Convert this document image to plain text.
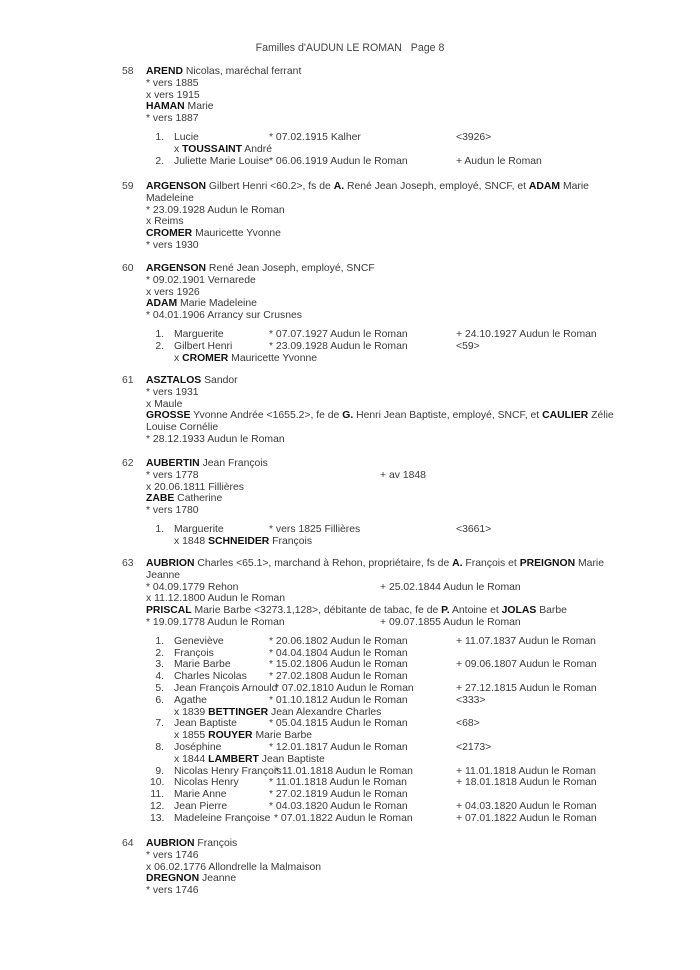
Familles d'AUDUN LE ROMAN Page 8
58 AREND Nicolas, maréchal ferrant
* vers 1885
x vers 1915
HAMAN Marie
* vers 1887
1. Lucie	* 07.02.1915 Kalher	<3926>
x TOUSSAINT André
2. Juliette Marie Louise * 06.06.1919 Audun le Roman	+ Audun le Roman
59 ARGENSON Gilbert Henri <60.2>, fs de A. René Jean Joseph, employé, SNCF, et ADAM Marie Madeleine
* 23.09.1928 Audun le Roman
x Reims
CROMER Mauricette Yvonne
* vers 1930
60 ARGENSON René Jean Joseph, employé, SNCF
* 09.02.1901 Vernarede
x vers 1926
ADAM Marie Madeleine
* 04.01.1906 Arrancy sur Crusnes
1. Marguerite	* 07.07.1927 Audun le Roman	+ 24.10.1927 Audun le Roman
2. Gilbert Henri	* 23.09.1928 Audun le Roman	<59>
x CROMER Mauricette Yvonne
61 ASZTALOS Sandor
* vers 1931
x Maule
GROSSE Yvonne Andrée <1655.2>, fe de G. Henri Jean Baptiste, employé, SNCF, et CAULIER Zélie Louise Cornélie
* 28.12.1933 Audun le Roman
62 AUBERTIN Jean François
* vers 1778	+ av 1848
x 20.06.1811 Fillières
ZABE Catherine
* vers 1780
1. Marguerite	* vers 1825 Fillières	<3661>
x 1848 SCHNEIDER François
63 AUBRION Charles <65.1>, marchand à Rehon, propriétaire, fs de A. François et PREIGNON Marie Jeanne
* 04.09.1779 Rehon	+ 25.02.1844 Audun le Roman
x 11.12.1800 Audun le Roman
PRISCAL Marie Barbe <3273.1,128>, débitante de tabac, fe de P. Antoine et JOLAS Barbe
* 19.09.1778 Audun le Roman	+ 09.07.1855 Audun le Roman
1. Geneviève	* 20.06.1802 Audun le Roman	+ 11.07.1837 Audun le Roman
2. François	* 04.04.1804 Audun le Roman
3. Marie Barbe	* 15.02.1806 Audun le Roman	+ 09.06.1807 Audun le Roman
4. Charles Nicolas * 27.02.1808 Audun le Roman
5. Jean François Arnould
* 07.02.1810 Audun le Roman	+ 27.12.1815 Audun le Roman
6. Agathe	* 01.10.1812 Audun le Roman	<333>
x 1839 BETTINGER Jean Alexandre Charles
7. Jean Baptiste	* 05.04.1815 Audun le Roman	<68>
x 1855 ROUYER Marie Barbe
8. Joséphine	* 12.01.1817 Audun le Roman	<2173>
x 1844 LAMBERT Jean Baptiste
9. Nicolas Henry François
* 11.01.1818 Audun le Roman	+ 11.01.1818 Audun le Roman
10. Nicolas Henry	* 11.01.1818 Audun le Roman	+ 18.01.1818 Audun le Roman
11. Marie Anne	* 27.02.1819 Audun le Roman
12. Jean Pierre	* 04.03.1820 Audun le Roman	+ 04.03.1820 Audun le Roman
13. Madeleine Françoise * 07.01.1822 Audun le Roman	+ 07.01.1822 Audun le Roman
64 AUBRION François
* vers 1746
x 06.02.1776 Allondrelle la Malmaison
DREGNON Jeanne
* vers 1746
